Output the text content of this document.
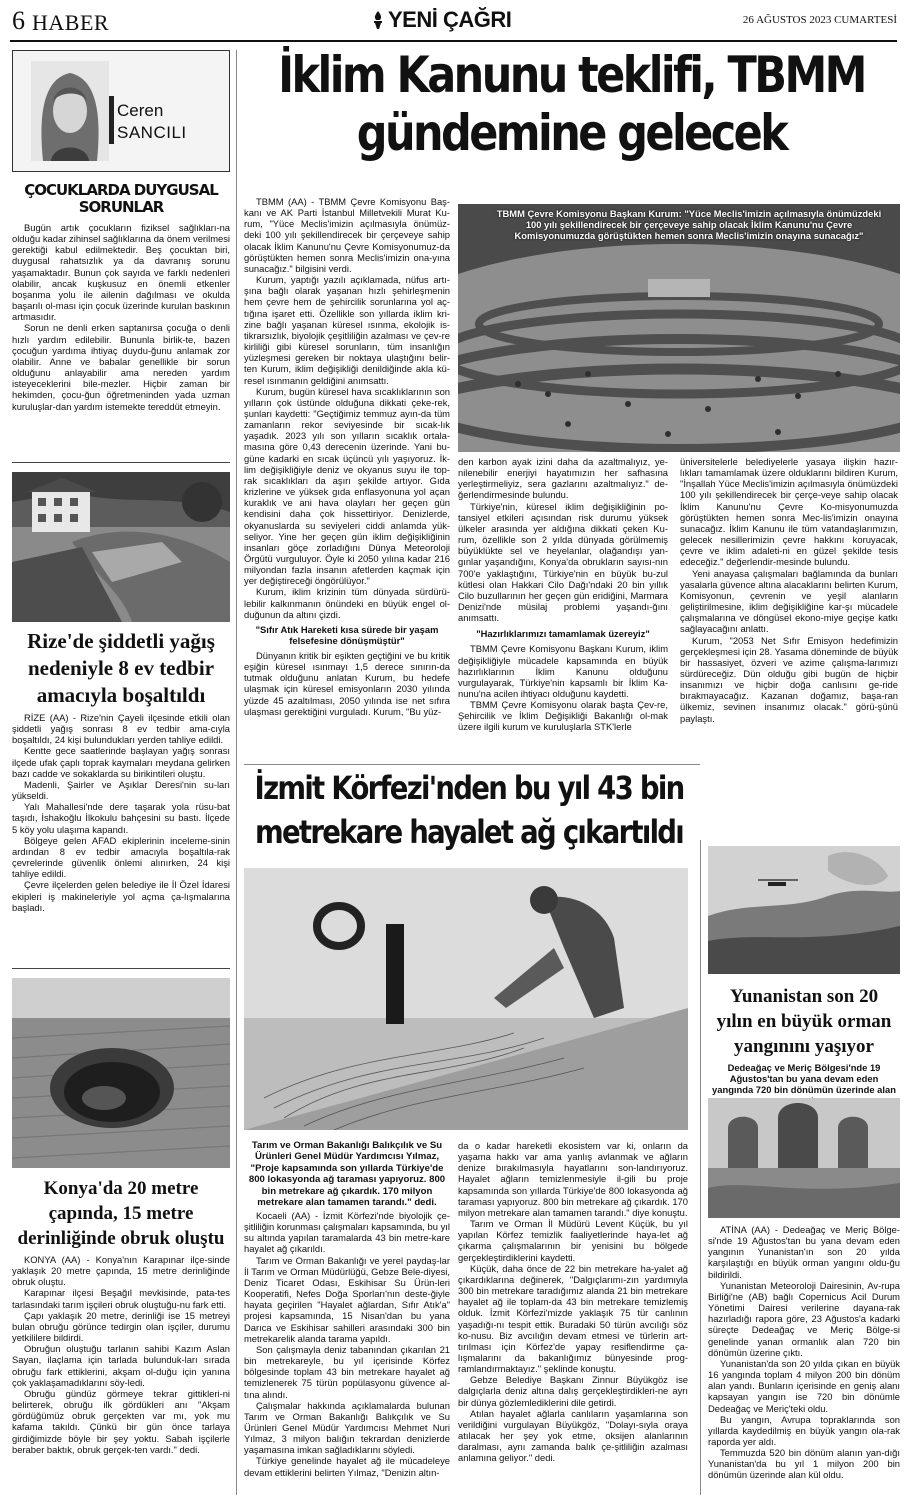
6 HABER	YENİ ÇAĞRI	26 AĞUSTOS 2023 CUMARTESİ
Ceren
SANCILI
ÇOCUKLARDA DUYGUSAL
SORUNLAR

Bugün artık çocukların fiziksel sağlıkları-na olduğu kadar zihinsel sağlıklarına da önem verilmesi gerektiği kabul edilmektedir. Beş çocuktan biri, duygusal rahatsızlık ya da davranış sorunu yaşamaktadır. Bunun çok sayıda ve farklı nedenleri olabilir, ancak kuşkusuz en önemli etkenler boşanma yolu ile ailenin dağılması ve okulda başarılı ol-ması için çocuk üzerinde kurulan baskının artmasıdır.

Sorun ne denli erken saptanırsa çocuğa o denli hızlı yardım edilebilir. Bununla birlik-te, bazen çocuğun yardıma ihtiyaç duydu-ğunu anlamak zor olabilir. Anne ve babalar genellikle bir sorun olduğunu anlayabilir ama nereden yardım isteyeceklerini bile-mezler. Hiçbir zaman bir hekimden, çocu-ğun öğretmeninden yada uzman kuruluşlar-dan yardım istemekte tereddüt etmeyin.

Rize'de şiddetli yağış
nedeniyle 8 ev tedbir
amacıyla boşaltıldı

RİZE (AA) - Rize'nin Çayeli ilçesinde etkili olan şiddetli yağış sonrası 8 ev tedbir ama-cıyla boşaltıldı, 24 kişi bulundukları yerden tahliye edildi.

Kentte gece saatlerinde başlayan yağış sonrası ilçede ufak çaplı toprak kaymaları meydana gelirken bazı cadde ve sokaklarda su birikintileri oluştu.

Madenli, Şairler ve Aşıklar Deresi'nin su-ları yükseldi.

Yalı Mahallesi'nde dere taşarak yola rüsu-bat taşıdı, İshakoğlu İlkokulu bahçesini su bastı. İlçede 5 köy yolu ulaşıma kapandı.

Bölgeye gelen AFAD ekiplerinin inceleme-sinin ardından 8 ev tedbir amacıyla boşaltıla-rak çevrelerinde güvenlik önlemi alınırken, 24 kişi tahliye edildi.

Çevre ilçelerden gelen belediye ile İl Özel İdaresi ekipleri iş makineleriyle yol açma ça-lışmalarına başladı.

Konya'da 20 metre
çapında, 15 metre
derinliğinde obruk oluştu

KONYA (AA) - Konya'nın Karapınar ilçe-sinde yaklaşık 20 metre çapında, 15 metre derinliğinde obruk oluştu.

Karapınar ilçesi Beşağıl mevkisinde, pata-tes tarlasındaki tarım işçileri obruk oluştuğu-nu fark etti.

Çapı yaklaşık 20 metre, derinliği ise 15 metreyi bulan obruğu görünce tedirgin olan işçiler, durumu yetkililere bildirdi.

Obruğun oluştuğu tarlanın sahibi Kazım Aslan Sayan, ilaçlama için tarlada bulunduk-ları sırada obruğu fark ettiklerini, akşam ol-duğu için yanına çok yaklaşamadıklarını söy-ledi.

Obruğu gündüz görmeye tekrar gittikleri-ni belirterek, obruğu ilk gördükleri anı "Akşam gördüğümüz obruk gerçekten var mı, yok mu kafama takıldı. Çünkü bir gün önce tarlaya girdiğimizde böyle bir şey yoktu. Sabah işçilerle beraber baktık, obruk gerçek-ten vardı." dedi.

İklim Kanunu teklifi, TBMM
gündemine gelecek

TBMM (AA) - TBMM Çevre Komisyonu Baş-kanı ve AK Parti İstanbul Milletvekili Murat Ku-rum, "Yüce Meclis'imizin açılmasıyla önümüz-deki 100 yılı şekillendirecek bir çerçeveye sahip olacak İklim Kanunu'nu Çevre Komisyonumuz-da görüştükten hemen sonra Meclis'imizin ona-yına sunacağız." bilgisini verdi.

Kurum, yaptığı yazılı açıklamada, nüfus artı-şına bağlı olarak yaşanan hızlı şehirleşmenin hem çevre hem de şehircilik sorunlarına yol aç-tığına işaret etti. Özellikle son yıllarda iklim kri-zine bağlı yaşanan küresel ısınma, ekolojik is-tikrarsızlık, biyolojik çeşitliliğin azalması ve çev-re kirliliği gibi küresel sorunların, tüm insanlığın yüzleşmesi gereken bir noktaya ulaştığını belir-ten Kurum, iklim değişikliği denildiğinde akla kü-resel ısınmanın geldiğini anımsattı.

Kurum, bugün küresel hava sıcaklıklarının son yılların çok üstünde olduğuna dikkati çeke-rek, şunları kaydetti: "Geçtiğimiz temmuz ayın-da tüm zamanların rekor seviyesinde bir sıcak-lık yaşadık. 2023 yılı son yılların sıcaklık ortala-masına göre 0,43 derecenin üzerinde. Yani bu-güne kadarki en sıcak üçüncü yılı yaşıyoruz. İk-lim değişikliğiyle deniz ve okyanus suyu ile top-rak sıcaklıkları da aşırı şekilde artıyor. Gıda krizlerine ve yüksek gıda enflasyonuna yol açan kuraklık ve ani hava olayları her geçen gün kendisini daha çok hissettiriyor. Denizlerde, okyanuslarda su seviyeleri ciddi anlamda yük-seliyor. Yine her geçen gün iklim değişikliğinin insanları göçe zorladığını Dünya Meteoroloji Örgütü vurguluyor. Öyle ki 2050 yılına kadar 216 milyondan fazla insanın afetlerden kaçmak için yer değiştireceği öngörülüyor."

Kurum, iklim krizinin tüm dünyada sürdürü-lebilir kalkınmanın önündeki en büyük engel ol-duğunun da altını çizdi.

"Sıfır Atık Hareketi kısa sürede bir yaşam felsefesine dönüşmüştür"

Dünyanın kritik bir eşikten geçtiğini ve bu kritik eşiğin küresel ısınmayı 1,5 derece sınırın-da tutmak olduğunu anlatan Kurum, bu hedefe ulaşmak için küresel emisyonların 2030 yılında yüzde 45 azaltılması, 2050 yılında ise net sıfıra ulaşması gerektiğini vurguladı. Kurum, "Bu yüz-

TBMM Çevre Komisyonu Başkanı Kurum: "Yüce Meclis'imizin açılmasıyla önümüzdeki 100 yılı şekillendirecek bir çerçeveye sahip olacak İklim Kanunu'nu Çevre Komisyonumuzda görüştükten hemen sonra Meclis'imizin onayına sunacağız"

den karbon ayak izini daha da azaltmalıyız, ye-nilenebilir enerjiyi hayatımızın her safhasına yerleştirmeliyiz, sera gazlarını azaltmalıyız." de-ğerlendirmesinde bulundu.

Türkiye'nin, küresel iklim değişikliğinin po-tansiyel etkileri açısından risk durumu yüksek ülkeler arasında yer aldığına dikkati çeken Ku-rum, özellikle son 2 yılda dünyada görülmemiş büyüklükte sel ve heyelanlar, olağandışı yan-gınlar yaşandığını, Konya'da obrukların sayısı-nın 700'e yaklaştığını, Türkiye'nin en büyük bu-zul kütlesi olan Hakkari Cilo Dağı'ndaki 20 bin yıllık Cilo buzullarının her geçen gün eridiğini, Marmara Denizi'nde müsilaj problemi yaşandı-ğını anımsattı.

"Hazırlıklarımızı tamamlamak üzereyiz"

TBMM Çevre Komisyonu Başkanı Kurum, iklim değişikliğiyle mücadele kapsamında en büyük hazırlıklarının İklim Kanunu olduğunu vurgulayarak, Türkiye'nin kapsamlı bir İklim Ka-nunu'na acilen ihtiyacı olduğunu kaydetti.

TBMM Çevre Komisyonu olarak başta Çev-re, Şehircilik ve İklim Değişikliği Bakanlığı ol-mak üzere ilgili kurum ve kuruluşlarla STK'lerle

üniversitelerle belediyelerle yasaya ilişkin hazır-lıkları tamamlamak üzere olduklarını bildiren Kurum, "İnşallah Yüce Meclis'imizin açılmasıyla önümüzdeki 100 yılı şekillendirecek bir çerçe-veye sahip olacak İklim Kanunu'nu Çevre Ko-misyonumuzda görüştükten hemen sonra Mec-lis'imizin onayına sunacağız. İklim Kanunu ile tüm vatandaşlarımızın, gelecek nesillerimizin çevre hakkını koruyacak, çevre ve iklim adaleti-ni en güzel şekilde tesis edeceğiz." değerlendir-mesinde bulundu.

Yeni anayasa çalışmaları bağlamında da bunları yasalarla güvence altına alacaklarını belirten Kurum, Komisyonun, çevrenin ve yeşil alanların geliştirilmesine, iklim değişikliğine kar-şı mücadele çalışmalarına ve döngüsel ekono-miye geçişe katkı sağlayacağını anlattı.

Kurum, "2053 Net Sıfır Emisyon hedefimizin gerçekleşmesi için 28. Yasama döneminde de büyük bir hassasiyet, özveri ve azime çalışma-larımızı sürdüreceğiz. Dün olduğu gibi bugün de hiçbir insanımızı ve hiçbir doğa canlısını ge-ride bırakmayacağız. Kazanan doğamız, başa-ran ülkemiz, sevinen insanımız olacak." görü-şünü paylaştı.

İzmit Körfezi'nden bu yıl 43 bin
metrekare hayalet ağ çıkartıldı
Tarım ve Orman Bakanlığı Balıkçılık ve Su Ürünleri Genel Müdür Yardımcısı Yılmaz, "Proje kapsamında son yıllarda Türkiye'de 800 lokasyonda ağ taraması yapıyoruz. 800 bin metrekare ağ çıkardık. 170 milyon metrekare alan tamamen tarandı." dedi.

Kocaeli (AA) - İzmit Körfezi'nde biyolojik çe-şitliliğin korunması çalışmaları kapsamında, bu yıl su altında yapılan taramalarda 43 bin metre-kare hayalet ağ çıkarıldı.

Tarım ve Orman Bakanlığı ve yerel paydaş-lar İl Tarım ve Orman Müdürlüğü, Gebze Bele-diyesi, Deniz Ticaret Odası, Eskihisar Su Ürün-leri Kooperatifi, Nefes Doğa Sporları'nın deste-ğiyle hayata geçirilen "Hayalet ağlardan, Sıfır Atık'a" projesi kapsamında, 15 Nisan'dan bu yana Darıca ve Eskihisar sahilleri arasındaki 300 bin metrekarelik alanda tarama yapıldı.

Son çalışmayla deniz tabanından çıkarılan 21 bin metrekareyle, bu yıl içerisinde Körfez bölgesinde toplam 43 bin metrekare hayalet ağ temizlenerek 75 türün popülasyonu güvence al-tına alındı.

Çalışmalar hakkında açıklamalarda bulunan Tarım ve Orman Bakanlığı Balıkçılık ve Su Ürünleri Genel Müdür Yardımcısı Mehmet Nuri Yılmaz, 3 milyon balığın tekrardan denizlerde yaşamasına imkan sağladıklarını söyledi.

Türkiye genelinde hayalet ağ ile mücadeleye devam ettiklerini belirten Yılmaz, "Denizin altın-

da o kadar hareketli ekosistem var ki, onların da yaşama hakkı var ama yanlış avlanmak ve ağların denize bırakılmasıyla hayatlarını son-landırıyoruz. Hayalet ağların temizlenmesiyle il-gili bu proje kapsamında son yıllarda Türkiye'de 800 lokasyonda ağ taraması yapıyoruz. 800 bin metrekare ağ çıkardık. 170 milyon metrekare alan tamamen tarandı." diye konuştu.

Tarım ve Orman İl Müdürü Levent Küçük, bu yıl yapılan Körfez temizlik faaliyetlerinde haya-let ağ çıkarma çalışmalarının bir yenisini bu bölgede gerçekleştirdiklerini kaydetti.

Küçük, daha önce de 22 bin metrekare ha-yalet ağ çıkardıklarına değinerek, "Dalgıçlarımı-zın yardımıyla 300 bin metrekare taradığımız alanda 21 bin metrekare hayalet ağ ile toplam-da 43 bin metrekare temizlemiş olduk. İzmit Körfezi'mizde yaklaşık 75 tür canlının yaşadığı-nı tespit ettik. Buradaki 50 türün avcılığı söz ko-nusu. Biz avcılığın devam etmesi ve türlerin art-tırılması için Körfez'de yapay resiflendirme ça-lışmalarını da bakanlığımız bünyesinde prog-ramlandırmaktayız." şeklinde konuştu.

Gebze Belediye Başkanı Zinnur Büyükgöz ise dalgıçlarla deniz altına dalış gerçekleştirdikleri-ne ayrı bir dünya gözlemlediklerini dile getirdi.

Atılan hayalet ağlarla canlıların yaşamlarına son verildiğini vurgulayan Büyükgöz, "Dolayı-sıyla oraya atılacak her şey yok etme, oksijen alanlarının daralması, aynı zamanda balık çe-şitliliğin azalması anlamına geliyor." dedi.

Yunanistan son 20
yılın en büyük orman
yangınını yaşıyor
Dedeağaç ve Meriç Bölgesi'nde 19 Ağustos'tan bu yana devam eden yangında 720 bin dönümün üzerinde alan

ATİNA (AA) - Dedeağaç ve Meriç Bölge-si'nde 19 Ağustos'tan bu yana devam eden yangının Yunanistan'ın son 20 yılda karşılaştığı en büyük orman yangını oldu-ğu bildirildi.

Yunanistan Meteoroloji Dairesinin, Av-rupa Birliği'ne (AB) bağlı Copernicus Acil Durum Yönetimi Dairesi verilerine dayana-rak hazırladığı rapora göre, 23 Ağustos'a kadarki süreçte Dedeağaç ve Meriç Bölge-si genelinde yanan ormanlık alan 720 bin dönümün üzerine çıktı.

Yunanistan'da son 20 yılda çıkan en büyük 16 yangında toplam 4 milyon 200 bin dönüm alan yandı. Bunların içerisinde en geniş alanı kapsayan yangın ise 720 bin dönümle Dedeağaç ve Meriç'teki oldu.

Bu yangın, Avrupa topraklarında son yıllarda kaydedilmiş en büyük yangın ola-rak raporda yer aldı.

Temmuzda 520 bin dönüm alanın yan-dığı Yunanistan'da bu yıl 1 milyon 200 bin dönümün üzerinde alan kül oldu.
